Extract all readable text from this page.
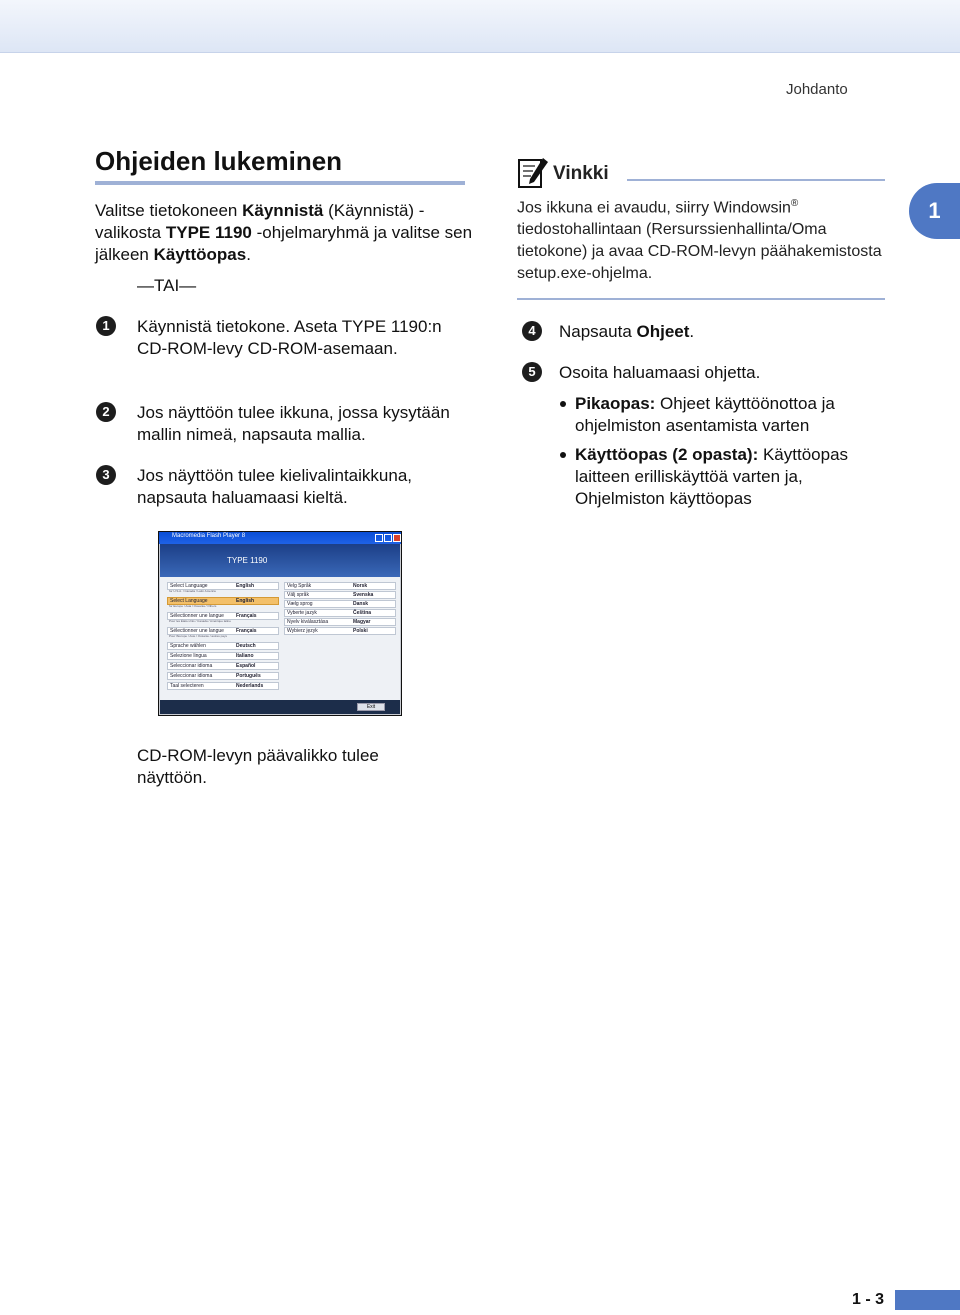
Johdanto
Ohjeiden lukeminen
Valitse tietokoneen Käynnistä (Käynnistä) -valikosta TYPE 1190 -ohjelmaryhmä ja valitse sen jälkeen Käyttöopas.
—TAI—
1	Käynnistä tietokone. Aseta TYPE 1190:n CD-ROM-levy CD-ROM-asemaan.
2	Jos näyttöön tulee ikkuna, jossa kysytään mallin nimeä, napsauta mallia.
3	Jos näyttöön tulee kielivalintaikkuna, napsauta haluamaasi kieltä.
Vinkki
Jos ikkuna ei avaudu, siirry Windowsin® tiedostohallintaan (Rersurssienhallinta/Oma tietokone) ja avaa CD-ROM-levyn päähakemistosta setup.exe-ohjelma.
1
4	Napsauta Ohjeet.
5	Osoita haluamaasi ohjetta.
Pikaopas: Ohjeet käyttöönottoa ja ohjelmiston asentamista varten
Käyttöopas (2 opasta): Käyttöopas laitteen erilliskäyttöä varten ja, Ohjelmiston käyttöopas
Macromedia Flash Player 8
TYPE 1190
Select Language	English
for U.S.A. / Canada / Latin America
Select Language	English
for Europe / Asia / Oceania / Others
Sélectionner une langue Français
Pour les États-Unis / Canada / Amérique latine
Sélectionner une langue Français
Pour l'Europe / Asie / Océanie / autres pays
Sprache wählen	Deutsch
Selezione lingua	Italiano
Seleccionar idioma	Español
Seleccionar idioma	Português
Taal selecteren	Nederlands
Velg Språk	Norsk
Välj språk	Svenska
Vælg sprog	Dansk
Vyberte jazyk	Čeština
Nyelv kiválasztása	Magyar
Wybierz język	Polski
Exit
CD-ROM-levyn päävalikko tulee näyttöön.
1 - 3
